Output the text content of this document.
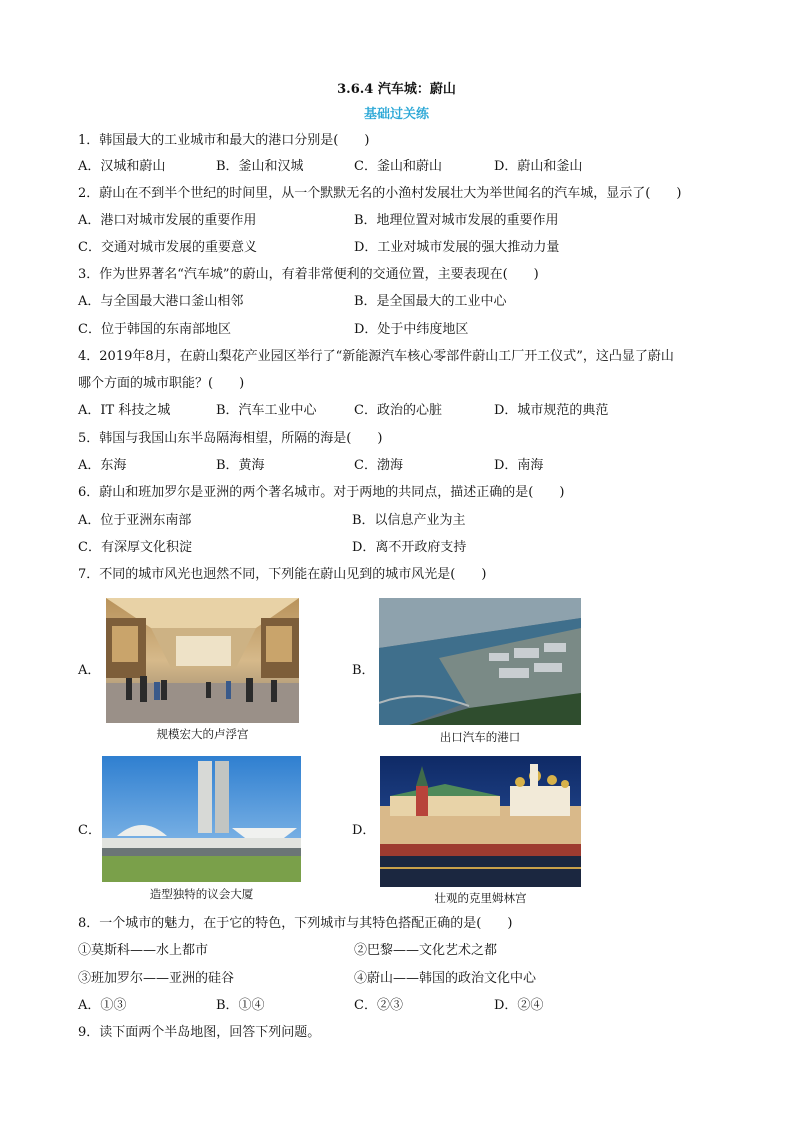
3.6.4 汽车城：蔚山
基础过关练
1．韩国最大的工业城市和最大的港口分别是(　　)
A．汉城和蔚山	B．釜山和汉城	C．釜山和蔚山	D．蔚山和釜山
2．蔚山在不到半个世纪的时间里，从一个默默无名的小渔村发展壮大为举世闻名的汽车城，显示了(　　)
A．港口对城市发展的重要作用	B．地理位置对城市发展的重要作用
C．交通对城市发展的重要意义	D．工业对城市发展的强大推动力量
3．作为世界著名“汽车城”的蔚山，有着非常便利的交通位置，主要表现在(　　)
A．与全国最大港口釜山相邻	B．是全国最大的工业中心
C．位于韩国的东南部地区	D．处于中纬度地区
4．2019年8月，在蔚山梨花产业园区举行了“新能源汽车核心零部件蔚山工厂开工仪式”，这凸显了蔚山
哪个方面的城市职能？(　　)
A．IT 科技之城	B．汽车工业中心	C．政治的心脏	D．城市规范的典范
5．韩国与我国山东半岛隔海相望，所隔的海是(　　)
A．东海	B．黄海	C．渤海	D．南海
6．蔚山和班加罗尔是亚洲的两个著名城市。对于两地的共同点，描述正确的是(　　)
A．位于亚洲东南部	B．以信息产业为主
C．有深厚文化积淀	D．离不开政府支持
7．不同的城市风光也迥然不同，下列能在蔚山见到的城市风光是(　　)
A．
规模宏大的卢浮宫
B．
出口汽车的港口
C．
造型独特的议会大厦
D．
壮观的克里姆林宫
8．一个城市的魅力，在于它的特色，下列城市与其特色搭配正确的是(　　)
①莫斯科——水上都市	②巴黎——文化艺术之都
③班加罗尔——亚洲的硅谷	④蔚山——韩国的政治文化中心
A．①③	B．①④	C．②③	D．②④
9．读下面两个半岛地图，回答下列问题。
